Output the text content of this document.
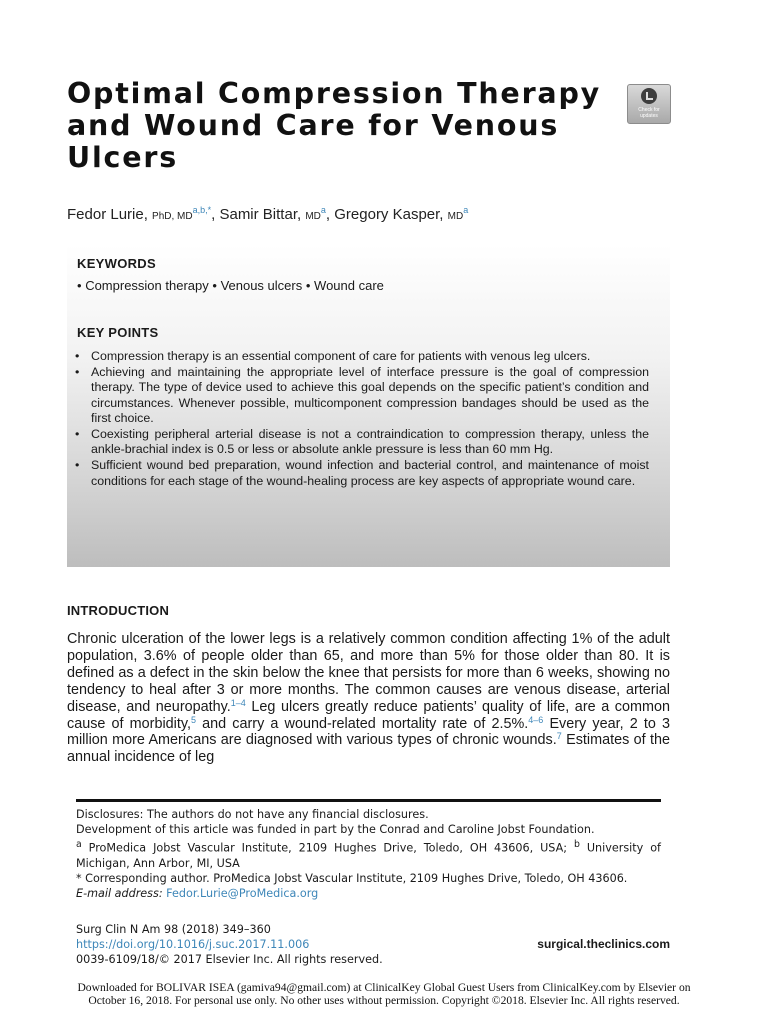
Optimal Compression Therapy and Wound Care for Venous Ulcers
Check for
updates
Fedor Lurie, PhD, $MD^{a,b,*}$, Samir Bittar, $MD^a$, Gregory Kasper, $MD^a$
KEYWORDS
• Compression therapy • Venous ulcers • Wound care
KEY POINTS
• Compression therapy is an essential component of care for patients with venous leg ulcers.
• Achieving and maintaining the appropriate level of interface pressure is the goal of compression therapy. The type of device used to achieve this goal depends on the specific patient’s condition and circumstances. Whenever possible, multicomponent compression bandages should be used as the first choice.
• Coexisting peripheral arterial disease is not a contraindication to compression therapy, unless the ankle-brachial index is 0.5 or less or absolute ankle pressure is less than 60 mm Hg.
• Sufficient wound bed preparation, wound infection and bacterial control, and maintenance of moist conditions for each stage of the wound-healing process are key aspects of appropriate wound care.
INTRODUCTION

Chronic ulceration of the lower legs is a relatively common condition affecting 1% of the adult population, 3.6% of people older than 65, and more than 5% for those older than 80. It is defined as a defect in the skin below the knee that persists for more than 6 weeks, showing no tendency to heal after 3 or more months. The common causes are venous disease, arterial disease, and neuropathy.$^{1-4}$ Leg ulcers greatly reduce patients’ quality of life, are a common cause of morbidity,$^5$ and carry a wound-related mortality rate of 2.5%.$^{4-6}$ Every year, 2 to 3 million more Americans are diagnosed with various types of chronic wounds.$^7$ Estimates of the annual incidence of leg

Disclosures: The authors do not have any financial disclosures.

Development of this article was funded in part by the Conrad and Caroline Jobst Foundation.

$^a$ ProMedica Jobst Vascular Institute, 2109 Hughes Drive, Toledo, OH 43606, USA; $^b$ University of Michigan, Ann Arbor, MI, USA

* Corresponding author. ProMedica Jobst Vascular Institute, 2109 Hughes Drive, Toledo, OH 43606.

E-mail address: Fedor.Lurie@ProMedica.org

Surg Clin N Am 98 (2018) 349–360

https://doi.org/10.1016/j.suc.2017.11.006

0039-6109/18/© 2017 Elsevier Inc. All rights reserved.

surgical.theclinics.com

Downloaded for BOLIVAR ISEA (gamiva94@gmail.com) at ClinicalKey Global Guest Users from ClinicalKey.com by Elsevier on

October 16, 2018. For personal use only. No other uses without permission. Copyright ©2018. Elsevier Inc. All rights reserved.
